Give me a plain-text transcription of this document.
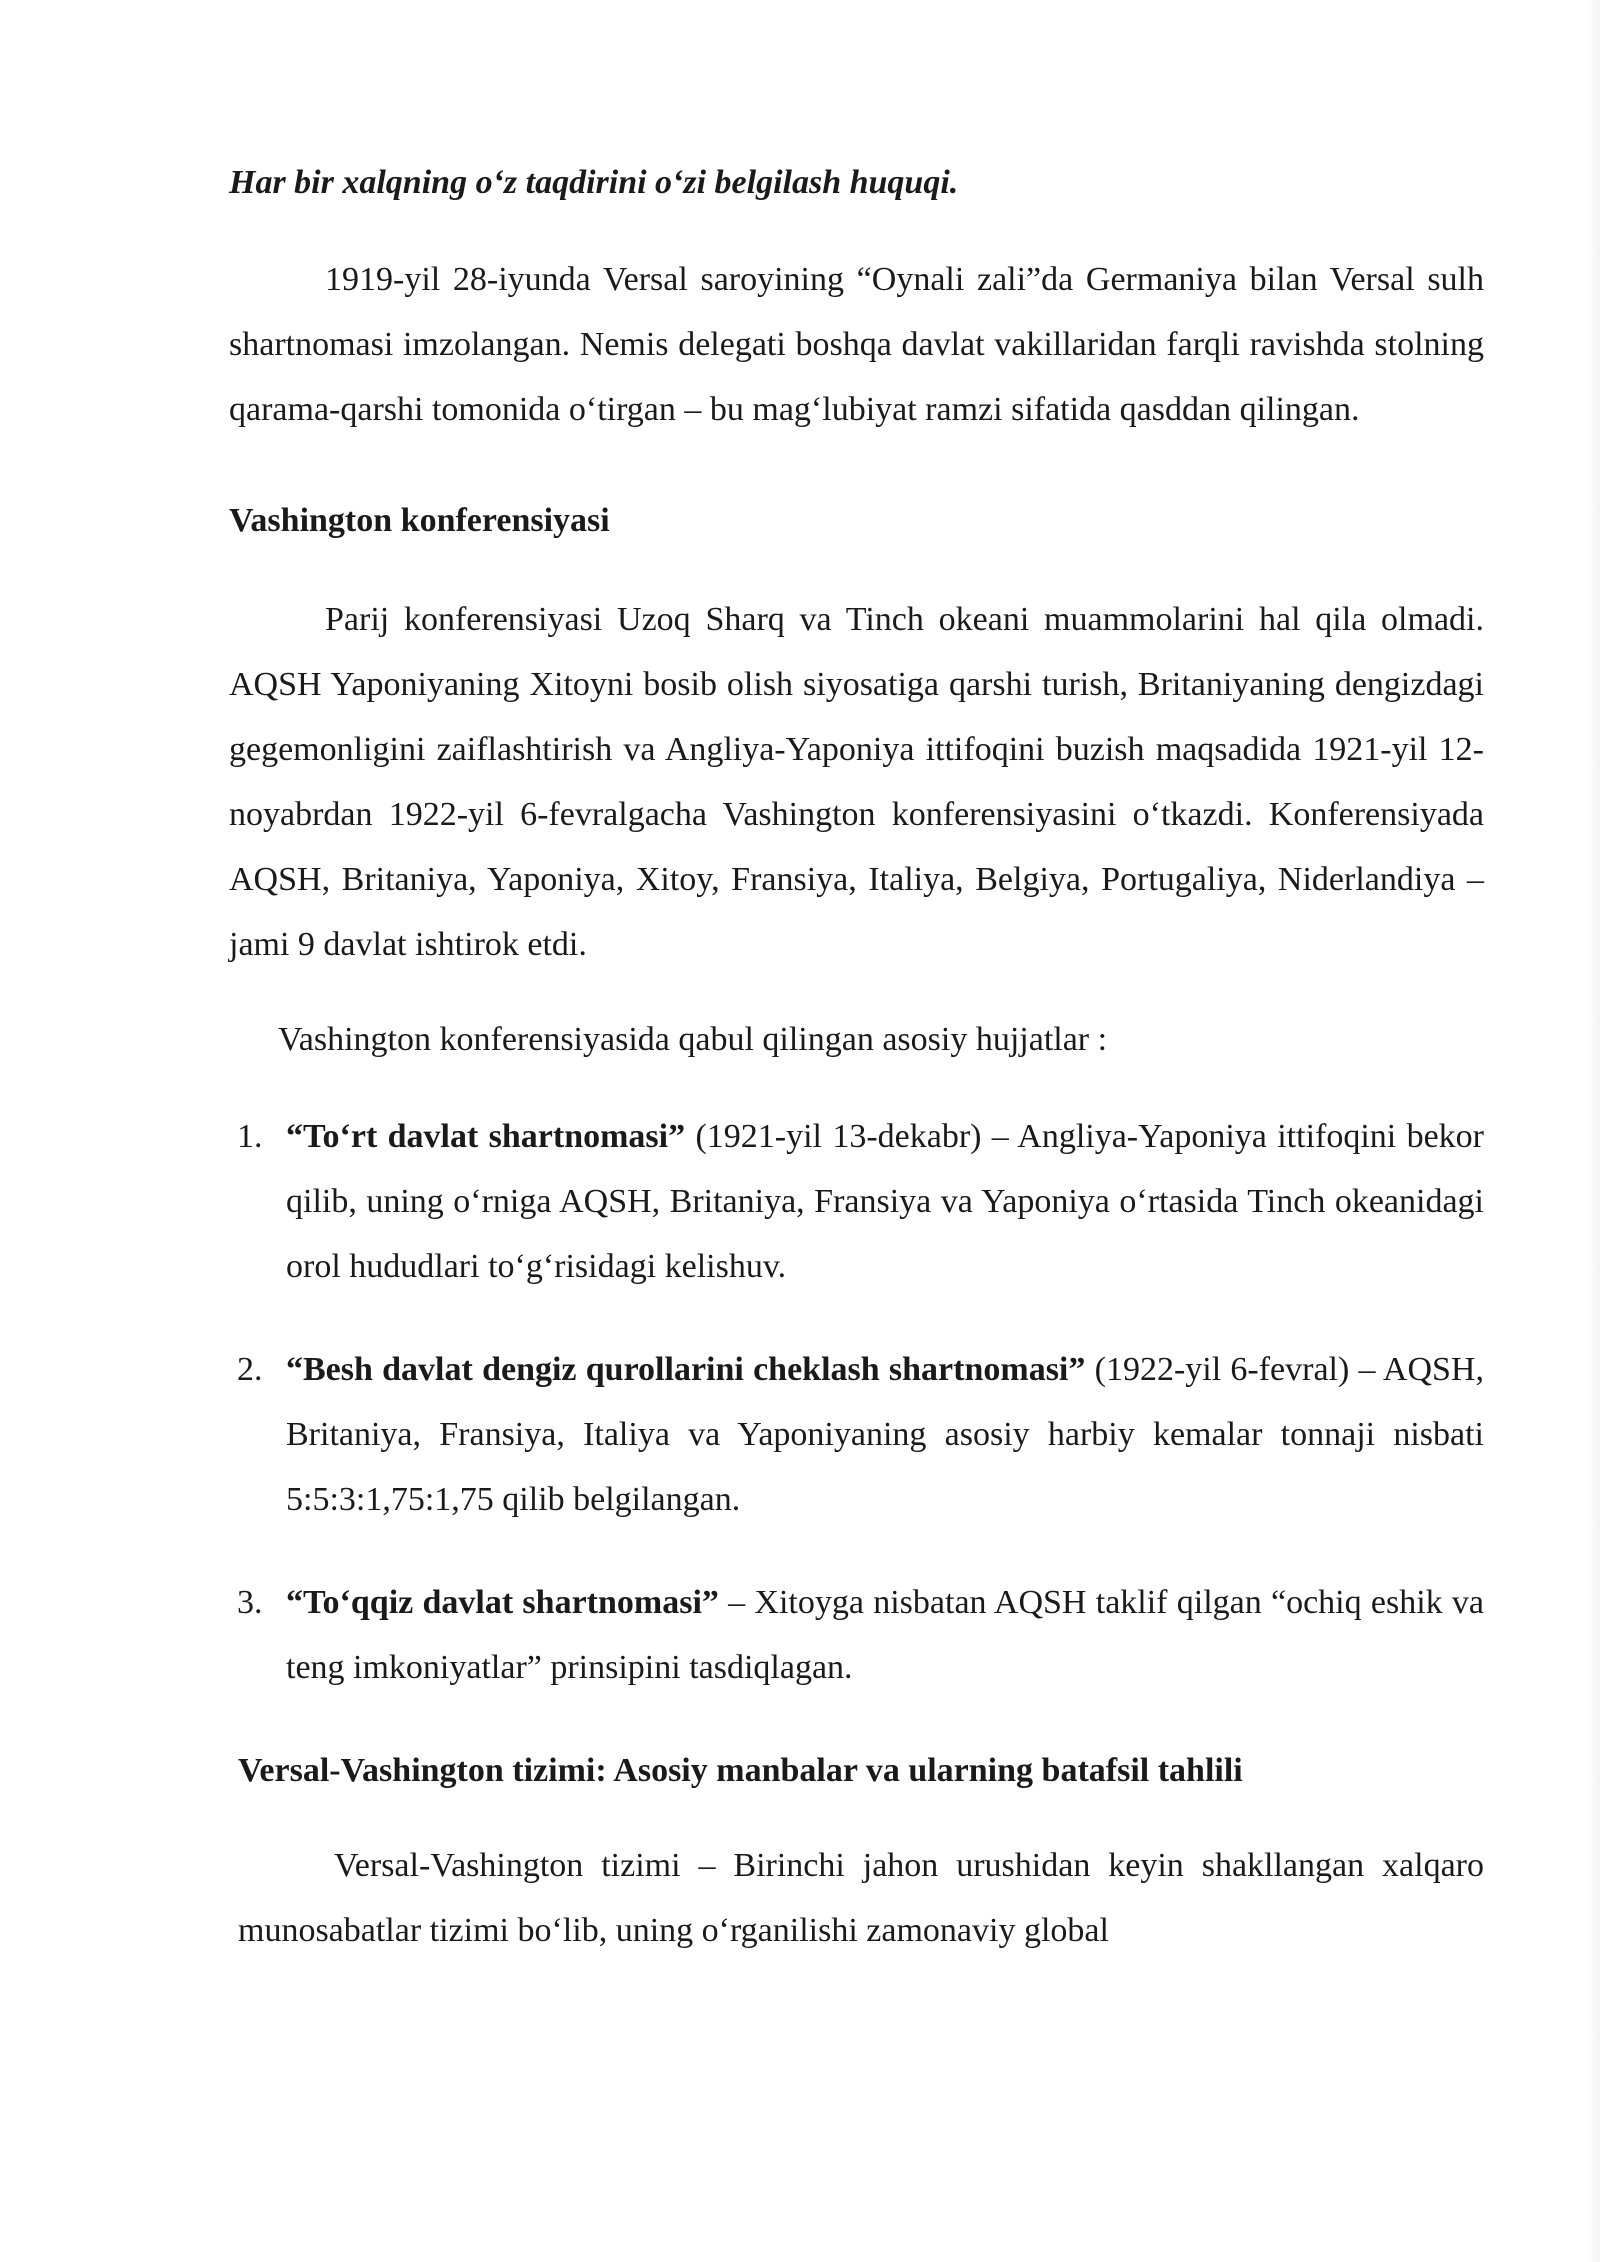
Har bir xalqning o‘z taqdirini o‘zi belgilash huquqi.

1919-yil 28-iyunda Versal saroyining “Oynali zali”da Germaniya bilan Versal sulh shartnomasi imzolangan. Nemis delegati boshqa davlat vakillaridan farqli ravishda stolning qarama-qarshi tomonida o‘tirgan – bu mag‘lubiyat ramzi sifatida qasddan qilingan.

Vashington konferensiyasi

Parij konferensiyasi Uzoq Sharq va Tinch okeani muammolarini hal qila olmadi. AQSH Yaponiyaning Xitoyni bosib olish siyosatiga qarshi turish, Britaniyaning dengizdagi gegemonligini zaiflashtirish va Angliya-Yaponiya ittifoqini buzish maqsadida 1921-yil 12-noyabrdan 1922-yil 6-fevralgacha Vashington konferensiyasini o‘tkazdi. Konferensiyada AQSH, Britaniya, Yaponiya, Xitoy, Fransiya, Italiya, Belgiya, Portugaliya, Niderlandiya – jami 9 davlat ishtirok etdi.

Vashington konferensiyasida qabul qilingan asosiy hujjatlar :

1. “To‘rt davlat shartnomasi” (1921-yil 13-dekabr) – Angliya-Yaponiya ittifoqini bekor qilib, uning o‘rniga AQSH, Britaniya, Fransiya va Yaponiya o‘rtasida Tinch okeanidagi orol hududlari to‘g‘risidagi kelishuv.
2. “Besh davlat dengiz qurollarini cheklash shartnomasi” (1922-yil 6-fevral) – AQSH, Britaniya, Fransiya, Italiya va Yaponiyaning asosiy harbiy kemalar tonnaji nisbati 5:5:3:1,75:1,75 qilib belgilangan.
3. “To‘qqiz davlat shartnomasi” – Xitoyga nisbatan AQSH taklif qilgan “ochiq eshik va teng imkoniyatlar” prinsipini tasdiqlagan.

Versal-Vashington tizimi: Asosiy manbalar va ularning batafsil tahlili

Versal-Vashington tizimi – Birinchi jahon urushidan keyin shakllangan xalqaro munosabatlar tizimi bo‘lib, uning o‘rganilishi zamonaviy global
